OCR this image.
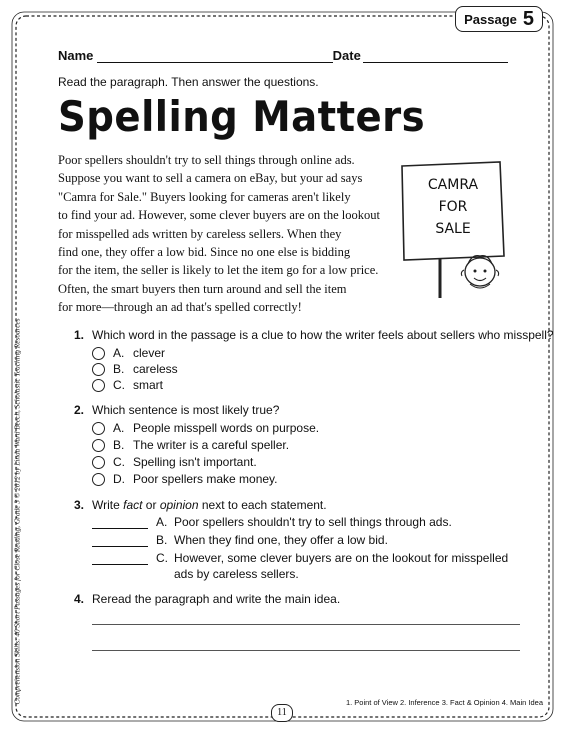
Passage 5
Name	Date
Read the paragraph. Then answer the questions.
Spelling Matters
Poor spellers shouldn't try to sell things through online ads.
Suppose you want to sell a camera on eBay, but your ad says
"Camra for Sale." Buyers looking for cameras aren't likely
to find your ad. However, some clever buyers are on the lookout
for misspelled ads written by careless sellers. When they
find one, they offer a low bid. Since no one else is bidding
for the item, the seller is likely to let the item go for a low price.
Often, the smart buyers then turn around and sell the item
for more—through an ad that's spelled correctly!
CAMRA
FOR
SALE
1. Which word in the passage is a clue to how the writer feels about sellers who misspell?
A. clever
B. careless
C. smart
2. Which sentence is most likely true?
A. People misspell words on purpose.
B. The writer is a careful speller.
C. Spelling isn't important.
D. Poor spellers make money.
3. Write fact or opinion next to each statement.
A. Poor spellers shouldn't try to sell things through ads.
B. When they find one, they offer a low bid.
C. However, some clever buyers are on the lookout for misspelled
ads by careless sellers.
4. Reread the paragraph and write the main idea.
Comprehension Skills: 40 Short Passages for Close Reading, Grade 3 © 2012 by Linda Ward Beech, Scholastic Teaching Resources	1. Point of View 2. Inference 3. Fact & Opinion 4. Main Idea
11
